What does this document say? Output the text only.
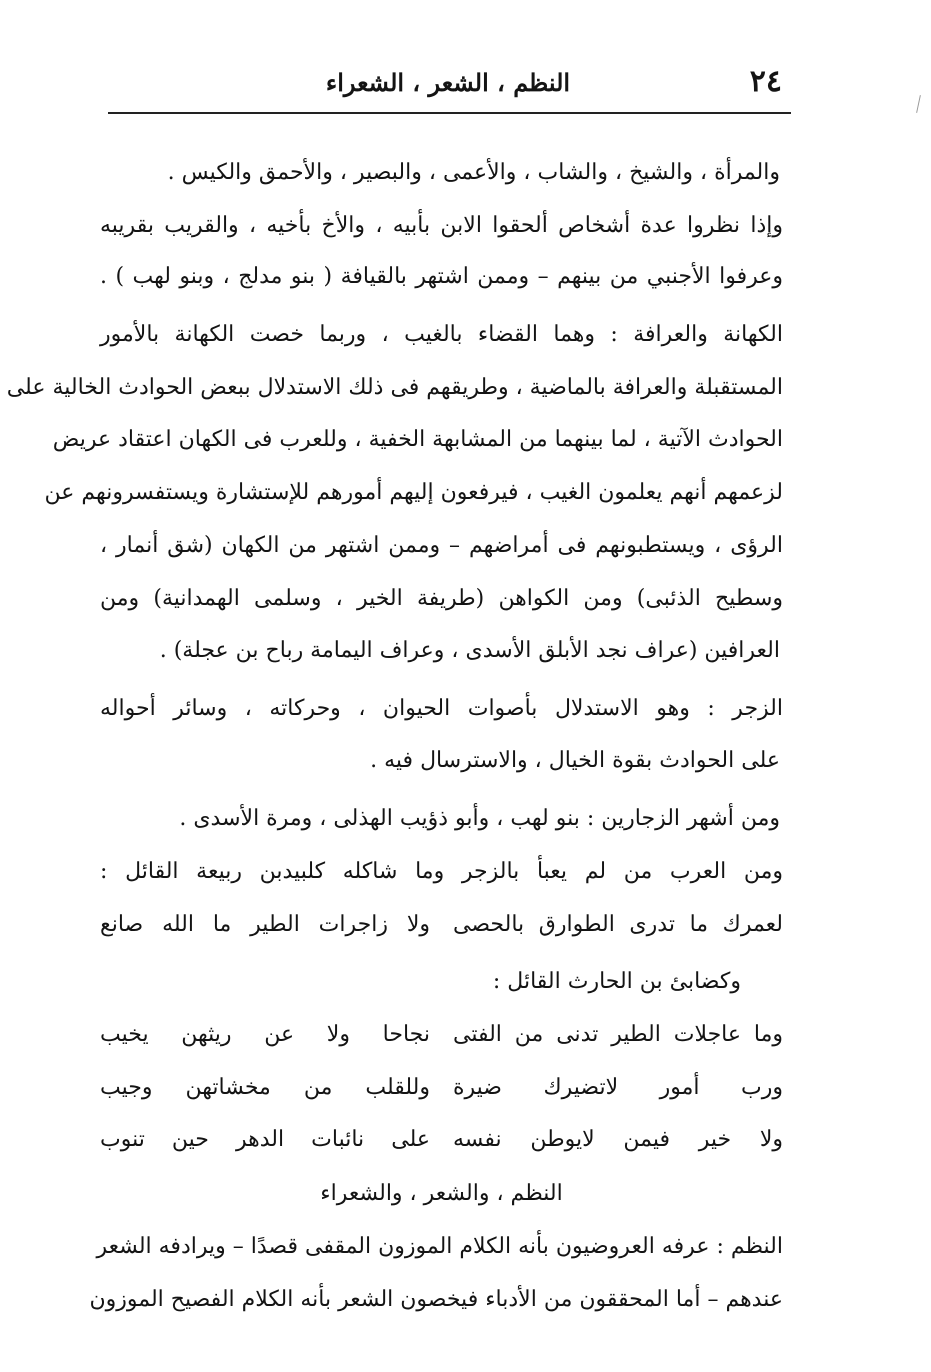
٢٤
النظم ، الشعر ، الشعراء
والمرأة ، والشيخ ، والشاب ، والأعمى ، والبصير ، والأحمق والكيس .
وإذا نظروا عدة أشخاص ألحقوا الابن بأبيه ، والأخ بأخيه ، والقريب بقريبه
وعرفوا الأجنبي من بينهم – وممن اشتهر بالقيافة ( بنو مدلج ، وبنو لهب ) .
الكهانة والعرافة : وهما القضاء بالغيب ، وربما خصت الكهانة بالأمور
المستقبلة والعرافة بالماضية ، وطريقهم فى ذلك الاستدلال ببعض الحوادث الخالية على
الحوادث الآتية ، لما بينهما من المشابهة الخفية ، وللعرب فى الكهان اعتقاد عريض
لزعمهم أنهم يعلمون الغيب ، فيرفعون إليهم أمورهم للإستشارة ويستفسرونهم عن
الرؤى ، ويستطبونهم فى أمراضهم – وممن اشتهر من الكهان (شق أنمار ،
وسطيح الذئبى) ومن الكواهن (طريفة الخير ، وسلمى الهمدانية) ومن
العرافين (عراف نجد الأبلق الأسدى ، وعراف اليمامة رباح بن عجلة) .
الزجر : وهو الاستدلال بأصوات الحيوان ، وحركاته ، وسائر أحواله
على الحوادث بقوة الخيال ، والاسترسال فيه .
ومن أشهر الزجارين : بنو لهب ، وأبو ذؤيب الهذلى ، ومرة الأسدى .
ومن العرب من لم يعبأ بالزجر وما شاكله كلبيدبن ربيعة القائل :
لعمرك ما تدرى الطوارق بالحصى
ولا زاجرات الطير ما الله صانع
وكضابئ بن الحارث القائل :
وما عاجلات الطير تدنى من الفتى
نجاحا ولا عن ريثهن يخيب
ورب أمور لاتضيرك ضيرة
وللقلب من مخشاتهن وجيب
ولا خير فيمن لايوطن نفسه
على نائبات الدهر حين تنوب
النظم ، والشعر ، والشعراء
النظم : عرفه العروضيون بأنه الكلام الموزون المقفى قصدًا – ويرادفه الشعر
عندهم – أما المحققون من الأدباء فيخصون الشعر بأنه الكلام الفصيح الموزون
